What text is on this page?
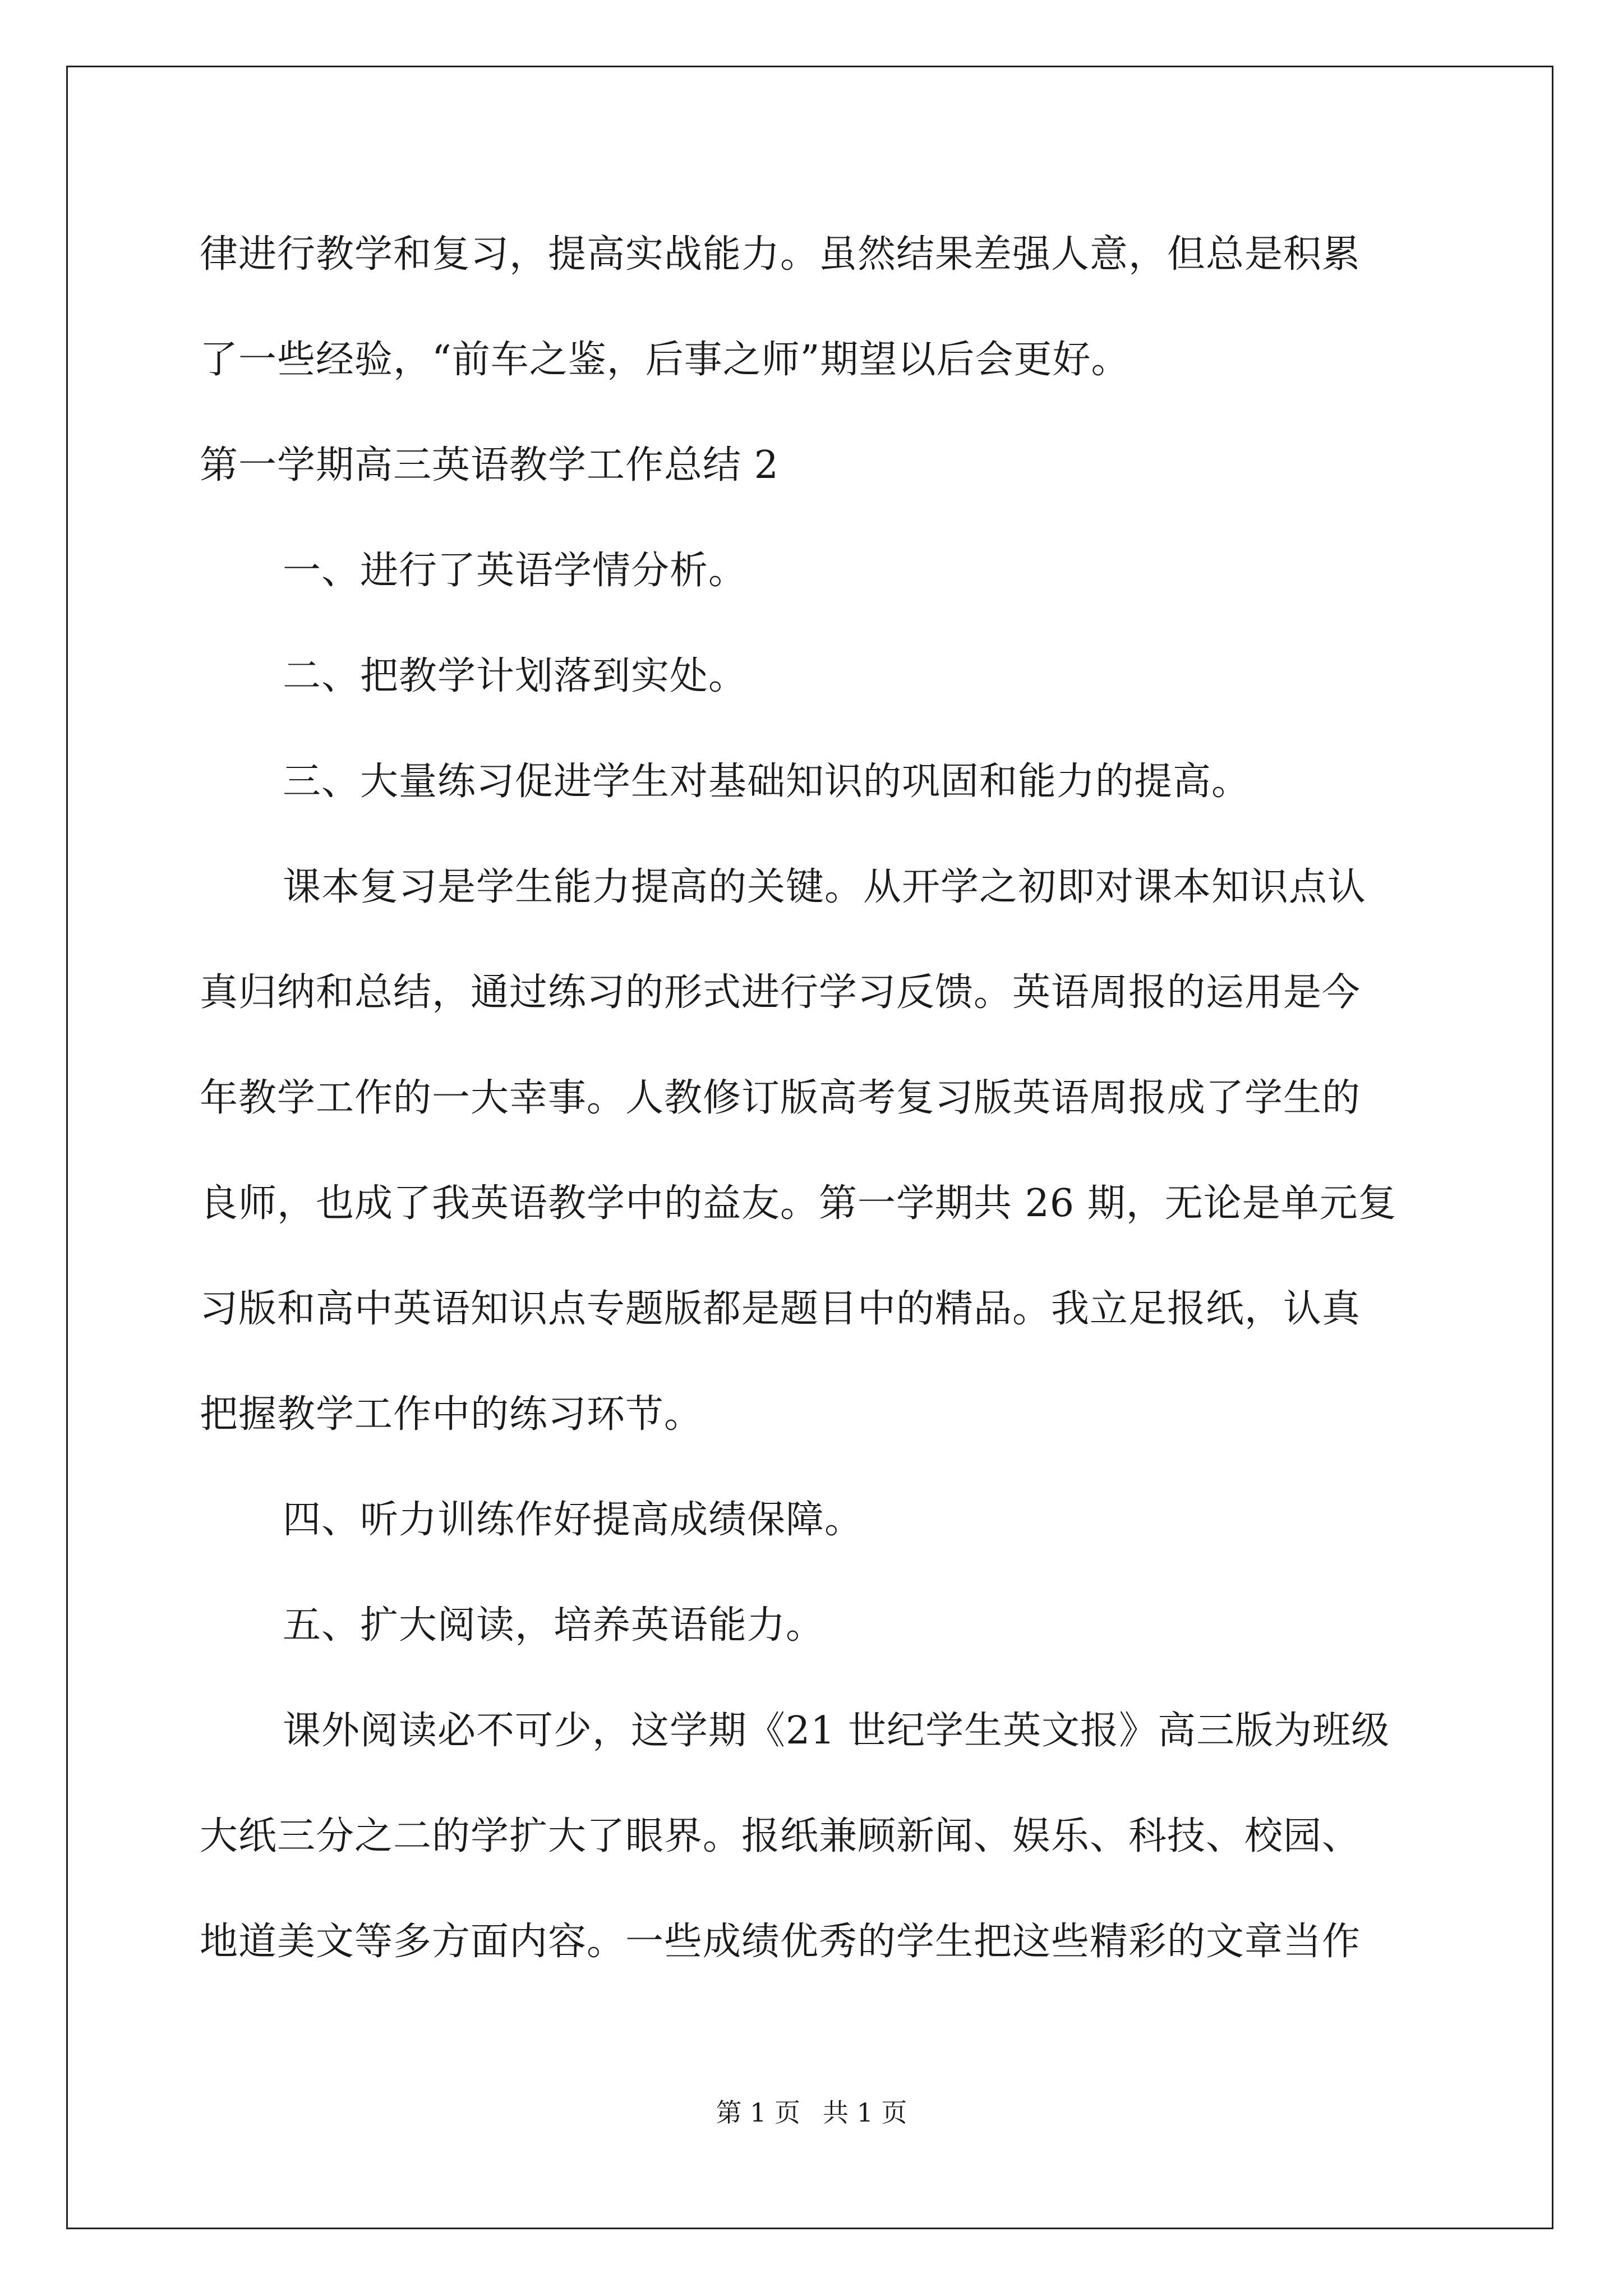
律进行教学和复习，提高实战能力。虽然结果差强人意，但总是积累
了一些经验，“前车之鉴，后事之师”期望以后会更好。
第一学期高三英语教学工作总结 2
一、进行了英语学情分析。
二、把教学计划落到实处。
三、大量练习促进学生对基础知识的巩固和能力的提高。
课本复习是学生能力提高的关键。从开学之初即对课本知识点认
真归纳和总结，通过练习的形式进行学习反馈。英语周报的运用是今
年教学工作的一大幸事。人教修订版高考复习版英语周报成了学生的
良师，也成了我英语教学中的益友。第一学期共 26 期，无论是单元复
习版和高中英语知识点专题版都是题目中的精品。我立足报纸，认真
把握教学工作中的练习环节。
四、听力训练作好提高成绩保障。
五、扩大阅读，培养英语能力。
课外阅读必不可少，这学期《21 世纪学生英文报》高三版为班级
大纸三分之二的学扩大了眼界。报纸兼顾新闻、娱乐、科技、校园、
地道美文等多方面内容。一些成绩优秀的学生把这些精彩的文章当作
第 1 页 共 1 页
